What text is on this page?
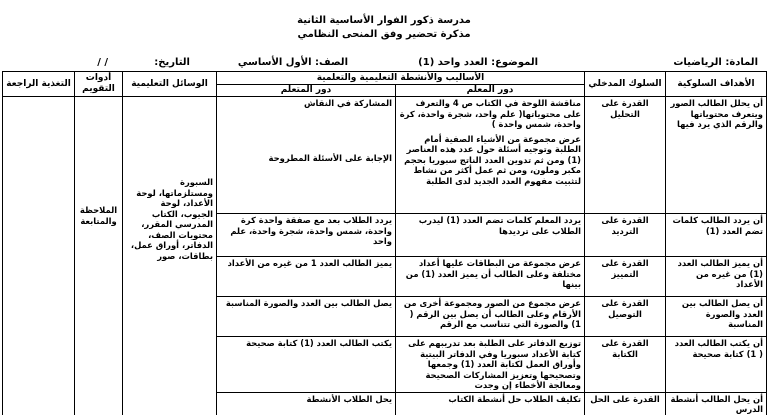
مدرسة ذكور الفوار الأساسية الثانية
مذكرة تحضير وفق المنحى النظامي
المادة: الرياضيات
الموضوع: العدد واحد (1)
الصف: الأول الأساسي
التاريخ:
/ /
الأهداف السلوكية	السلوك المدخلي	الأساليب والأنشطة التعليمية والتعلمية		الوسائل التعليمية	أدوات التقويم	التغذية الراجعة
		دور المعلم	دور المتعلم			
أن يحلل الطالب الصور ويتعرف محتوياتها والرقم الذي يرد فيها	القدرة على التحليل	مناقشة اللوحة في الكتاب ص 4 والتعرف على محتوياتها( علم واحد، شجرة واحدة، كرة واحدة، شمس واحدة )
عرض مجموعة من الأشياء الصفية أمام الطلبة وتوجيه أسئلة حول عدد هذه العناصر (1) ومن ثم تدوين العدد الناتج سبوريا بحجم مكبر وملون، ومن ثم عمل أكثر من نشاط لتثبيت مفهوم العدد الجديد لدى الطلبة	المشاركة في النقاش
الإجابة على الأسئلة المطروحة	السبورة ومستلزماتها، لوحة الأعداد، لوحة الجيوب، الكتاب المدرسي المقرر، محتويات الصف، الدفاتر، أوراق عمل، بطاقات، صور	الملاحظة والمتابعة	
أن يردد الطالب كلمات تضم العدد (1)	القدرة على الترديد	يردد المعلم كلمات تضم العدد (1) ليدرب الطلاب على ترديدها	يردد الطلاب بعد مع صفقة واحدة كرة واحدة، شمس واحدة، شجرة واحدة، علم واحد			
أن يميز الطالب العدد (1) من غيره من الأعداد	القدرة على التمييز	عرض مجموعة من البطاقات عليها أعداد مختلفة وعلى الطالب أن يميز العدد (1) من بينها	يميز الطالب العدد 1 من غيره من الأعداد			
أن يصل الطالب بين العدد والصورة المناسبة	القدرة على التوصيل	عرض مجموع من الصور ومجموعة أخرى من الأرقام وعلى الطالب أن يصل بين الرقم ( 1) والصورة التي تتناسب مع الرقم	يصل الطالب بين العدد والصورة المناسبة			
أن يكتب الطالب العدد ( 1) كتابة صحيحة	القدرة على الكتابة	توزيع الدفاتر على الطلبة بعد تدريبهم على كتابة الأعداد سبوريا وفي الدفاتر البيتية وأوراق العمل لكتابة العدد (1) وجمعها وتصحيحها وتعزيز المشاركات الصحيحة ومعالجة الأخطاء إن وجدت	يكتب الطالب العدد (1) كتابة صحيحة			
أن يحل الطالب أنشطة الدرس	القدرة على الحل	تكليف الطلاب حل أنشطة الكتاب	يحل الطلاب الأنشطة			
